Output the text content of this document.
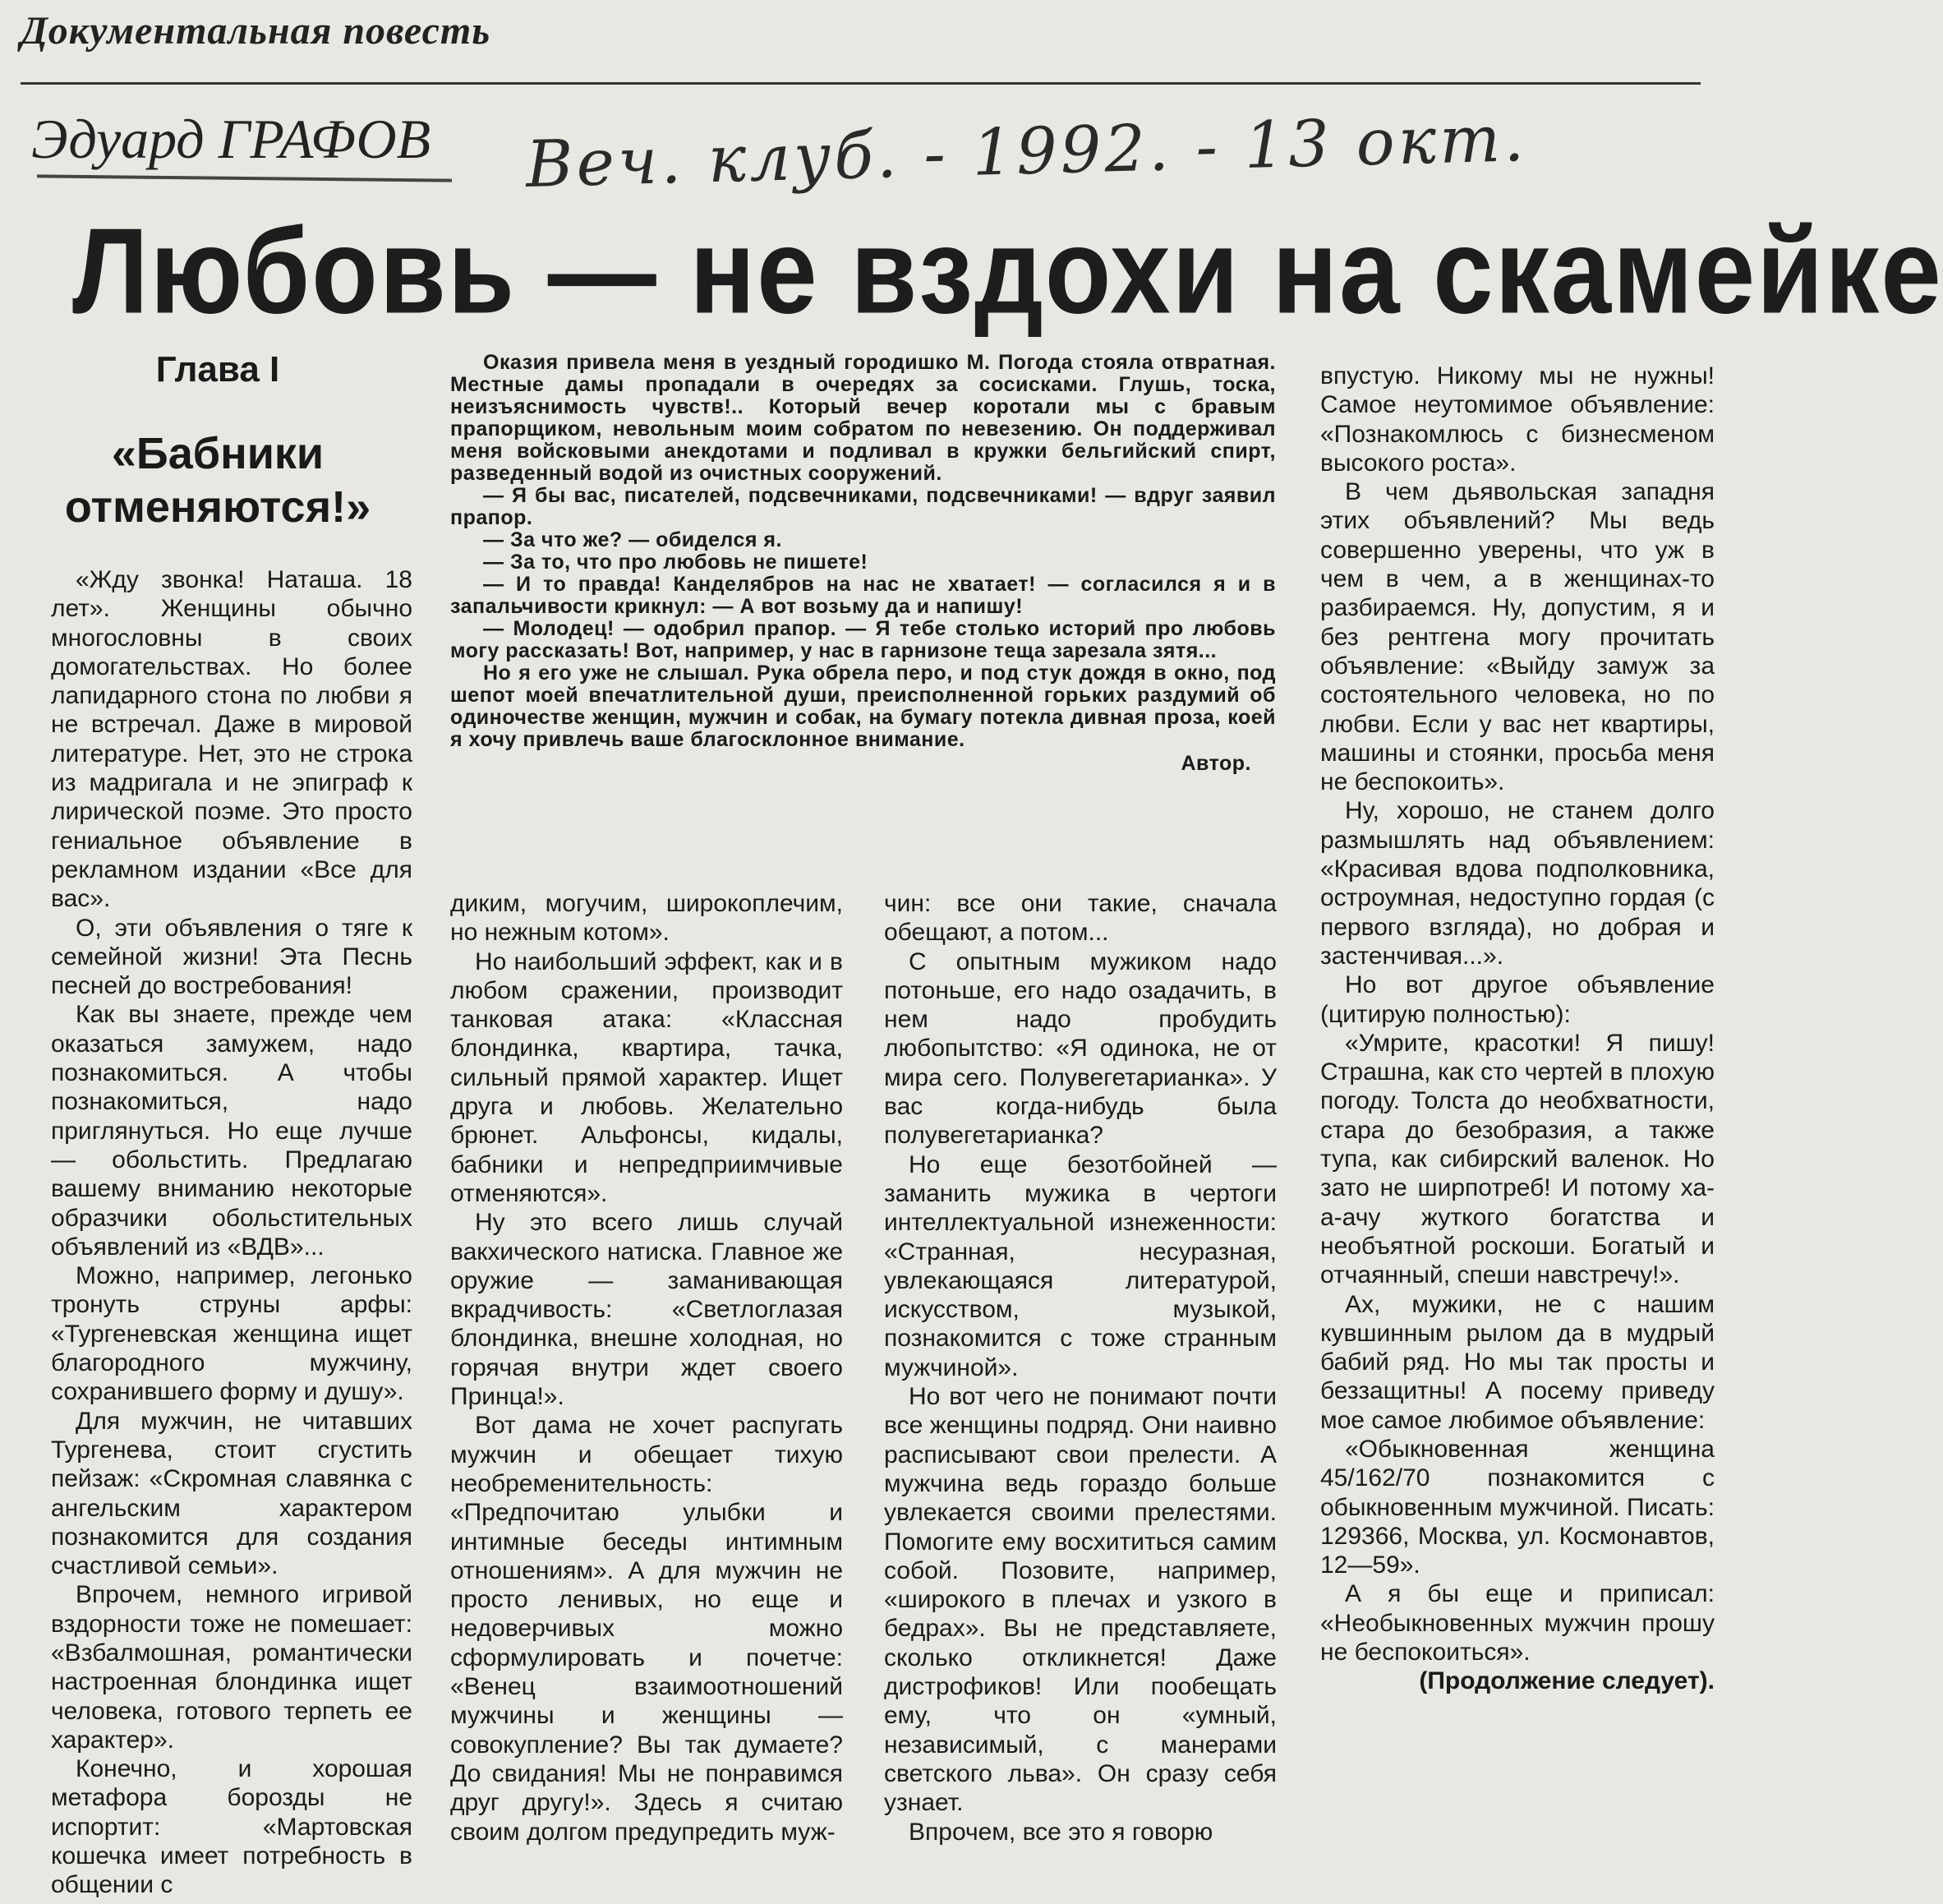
Документальная повесть
Эдуард ГРАФОВ Веч. клуб. - 1992. - 13 окт.
Любовь — не вздохи на скамейке
Глава I
«Бабники отменяются!»

Оказия привела меня в уездный городишко М. Погода стояла отвратная. Местные дамы пропадали в очередях за сосисками. Глушь, тоска, неизъяснимость чувств!.. Который вечер коротали мы с бравым прапорщиком, невольным моим собратом по невезению. Он поддерживал меня войсковыми анекдотами и подливал в кружки бельгийский спирт, разведенный водой из очистных сооружений.

— Я бы вас, писателей, подсвечниками, подсвечниками! — вдруг заявил прапор.

— За что же? — обиделся я.

— За то, что про любовь не пишете!

— И то правда! Канделябров на нас не хватает! — согласился я и в запальчивости крикнул: — А вот возьму да и напишу!

— Молодец! — одобрил прапор. — Я тебе столько историй про любовь могу рассказать! Вот, например, у нас в гарнизоне теща зарезала зятя...

Но я его уже не слышал. Рука обрела перо, и под стук дождя в окно, под шепот моей впечатлительной души, преисполненной горьких раздумий об одиночестве женщин, мужчин и собак, на бумагу потекла дивная проза, коей я хочу привлечь ваше благосклонное внимание.

Автор.

«Жду звонка! Наташа. 18 лет». Женщины обычно многословны в своих домогательствах. Но более лапидарного стона по любви я не встречал. Даже в мировой литературе. Нет, это не строка из мадригала и не эпиграф к лирической поэме. Это просто гениальное объявление в рекламном издании «Все для вас».

О, эти объявления о тяге к семейной жизни! Эта Песнь песней до востребования!

Как вы знаете, прежде чем оказаться замужем, надо познакомиться. А чтобы познакомиться, надо приглянуться. Но еще лучше — обольстить. Предлагаю вашему вниманию некоторые образчики обольстительных объявлений из «ВДВ»...

Можно, например, легонько тронуть струны арфы: «Тургеневская женщина ищет благородного мужчину, сохранившего форму и душу».

Для мужчин, не читавших Тургенева, стоит сгустить пейзаж: «Скромная славянка с ангельским характером познакомится для создания счастливой семьи».

Впрочем, немного игривой вздорности тоже не помешает: «Взбалмошная, романтически настроенная блондинка ищет человека, готового терпеть ее характер».

Конечно, и хорошая метафора борозды не испортит: «Мартовская кошечка имеет потребность в общении с

диким, могучим, широкоплечим, но нежным котом».

Но наибольший эффект, как и в любом сражении, производит танковая атака: «Классная блондинка, квартира, тачка, сильный прямой характер. Ищет друга и любовь. Желательно брюнет. Альфонсы, кидалы, бабники и непредприимчивые отменяются».

Ну это всего лишь случай вакхического натиска. Главное же оружие — заманивающая вкрадчивость: «Светлоглазая блондинка, внешне холодная, но горячая внутри ждет своего Принца!».

Вот дама не хочет распугать мужчин и обещает тихую необременительность: «Предпочитаю улыбки и интимные беседы интимным отношениям». А для мужчин не просто ленивых, но еще и недоверчивых можно сформулировать и почетче: «Венец взаимоотношений мужчины и женщины — совокупление? Вы так думаете? До свидания! Мы не понравимся друг другу!». Здесь я считаю своим долгом предупредить муж-

чин: все они такие, сначала обещают, а потом...

С опытным мужиком надо потоньше, его надо озадачить, в нем надо пробудить любопытство: «Я одинока, не от мира сего. Полувегетарианка». У вас когда-нибудь была полувегетарианка?

Но еще безотбойней — заманить мужика в чертоги интеллектуальной изнеженности: «Странная, несуразная, увлекающаяся литературой, искусством, музыкой, познакомится с тоже странным мужчиной».

Но вот чего не понимают почти все женщины подряд. Они наивно расписывают свои прелести. А мужчина ведь гораздо больше увлекается своими прелестями. Помогите ему восхититься самим собой. Позовите, например, «широкого в плечах и узкого в бедрах». Вы не представляете, сколько откликнется! Даже дистрофиков! Или пообещать ему, что он «умный, независимый, с манерами светского льва». Он сразу себя узнает.

Впрочем, все это я говорю

впустую. Никому мы не нужны! Самое неутомимое объявление: «Познакомлюсь с бизнесменом высокого роста».

В чем дьявольская западня этих объявлений? Мы ведь совершенно уверены, что уж в чем в чем, а в женщинах-то разбираемся. Ну, допустим, я и без рентгена могу прочитать объявление: «Выйду замуж за состоятельного человека, но по любви. Если у вас нет квартиры, машины и стоянки, просьба меня не беспокоить».

Ну, хорошо, не станем долго размышлять над объявлением: «Красивая вдова подполковника, остроумная, недоступно гордая (с первого взгляда), но добрая и застенчивая...».

Но вот другое объявление (цитирую полностью):

«Умрите, красотки! Я пишу! Страшна, как сто чертей в плохую погоду. Толста до необхватности, стара до безобразия, а также тупа, как сибирский валенок. Но зато не ширпотреб! И потому ха-а-ачу жуткого богатства и необъятной роскоши. Богатый и отчаянный, спеши навстречу!».

Ах, мужики, не с нашим кувшинным рылом да в мудрый бабий ряд. Но мы так просты и беззащитны! А посему приведу мое самое любимое объявление:

«Обыкновенная женщина 45/162/70 познакомится с обыкновенным мужчиной. Писать: 129366, Москва, ул. Космонавтов, 12—59».

А я бы еще и приписал: «Необыкновенных мужчин прошу не беспокоиться».

(Продолжение следует).
